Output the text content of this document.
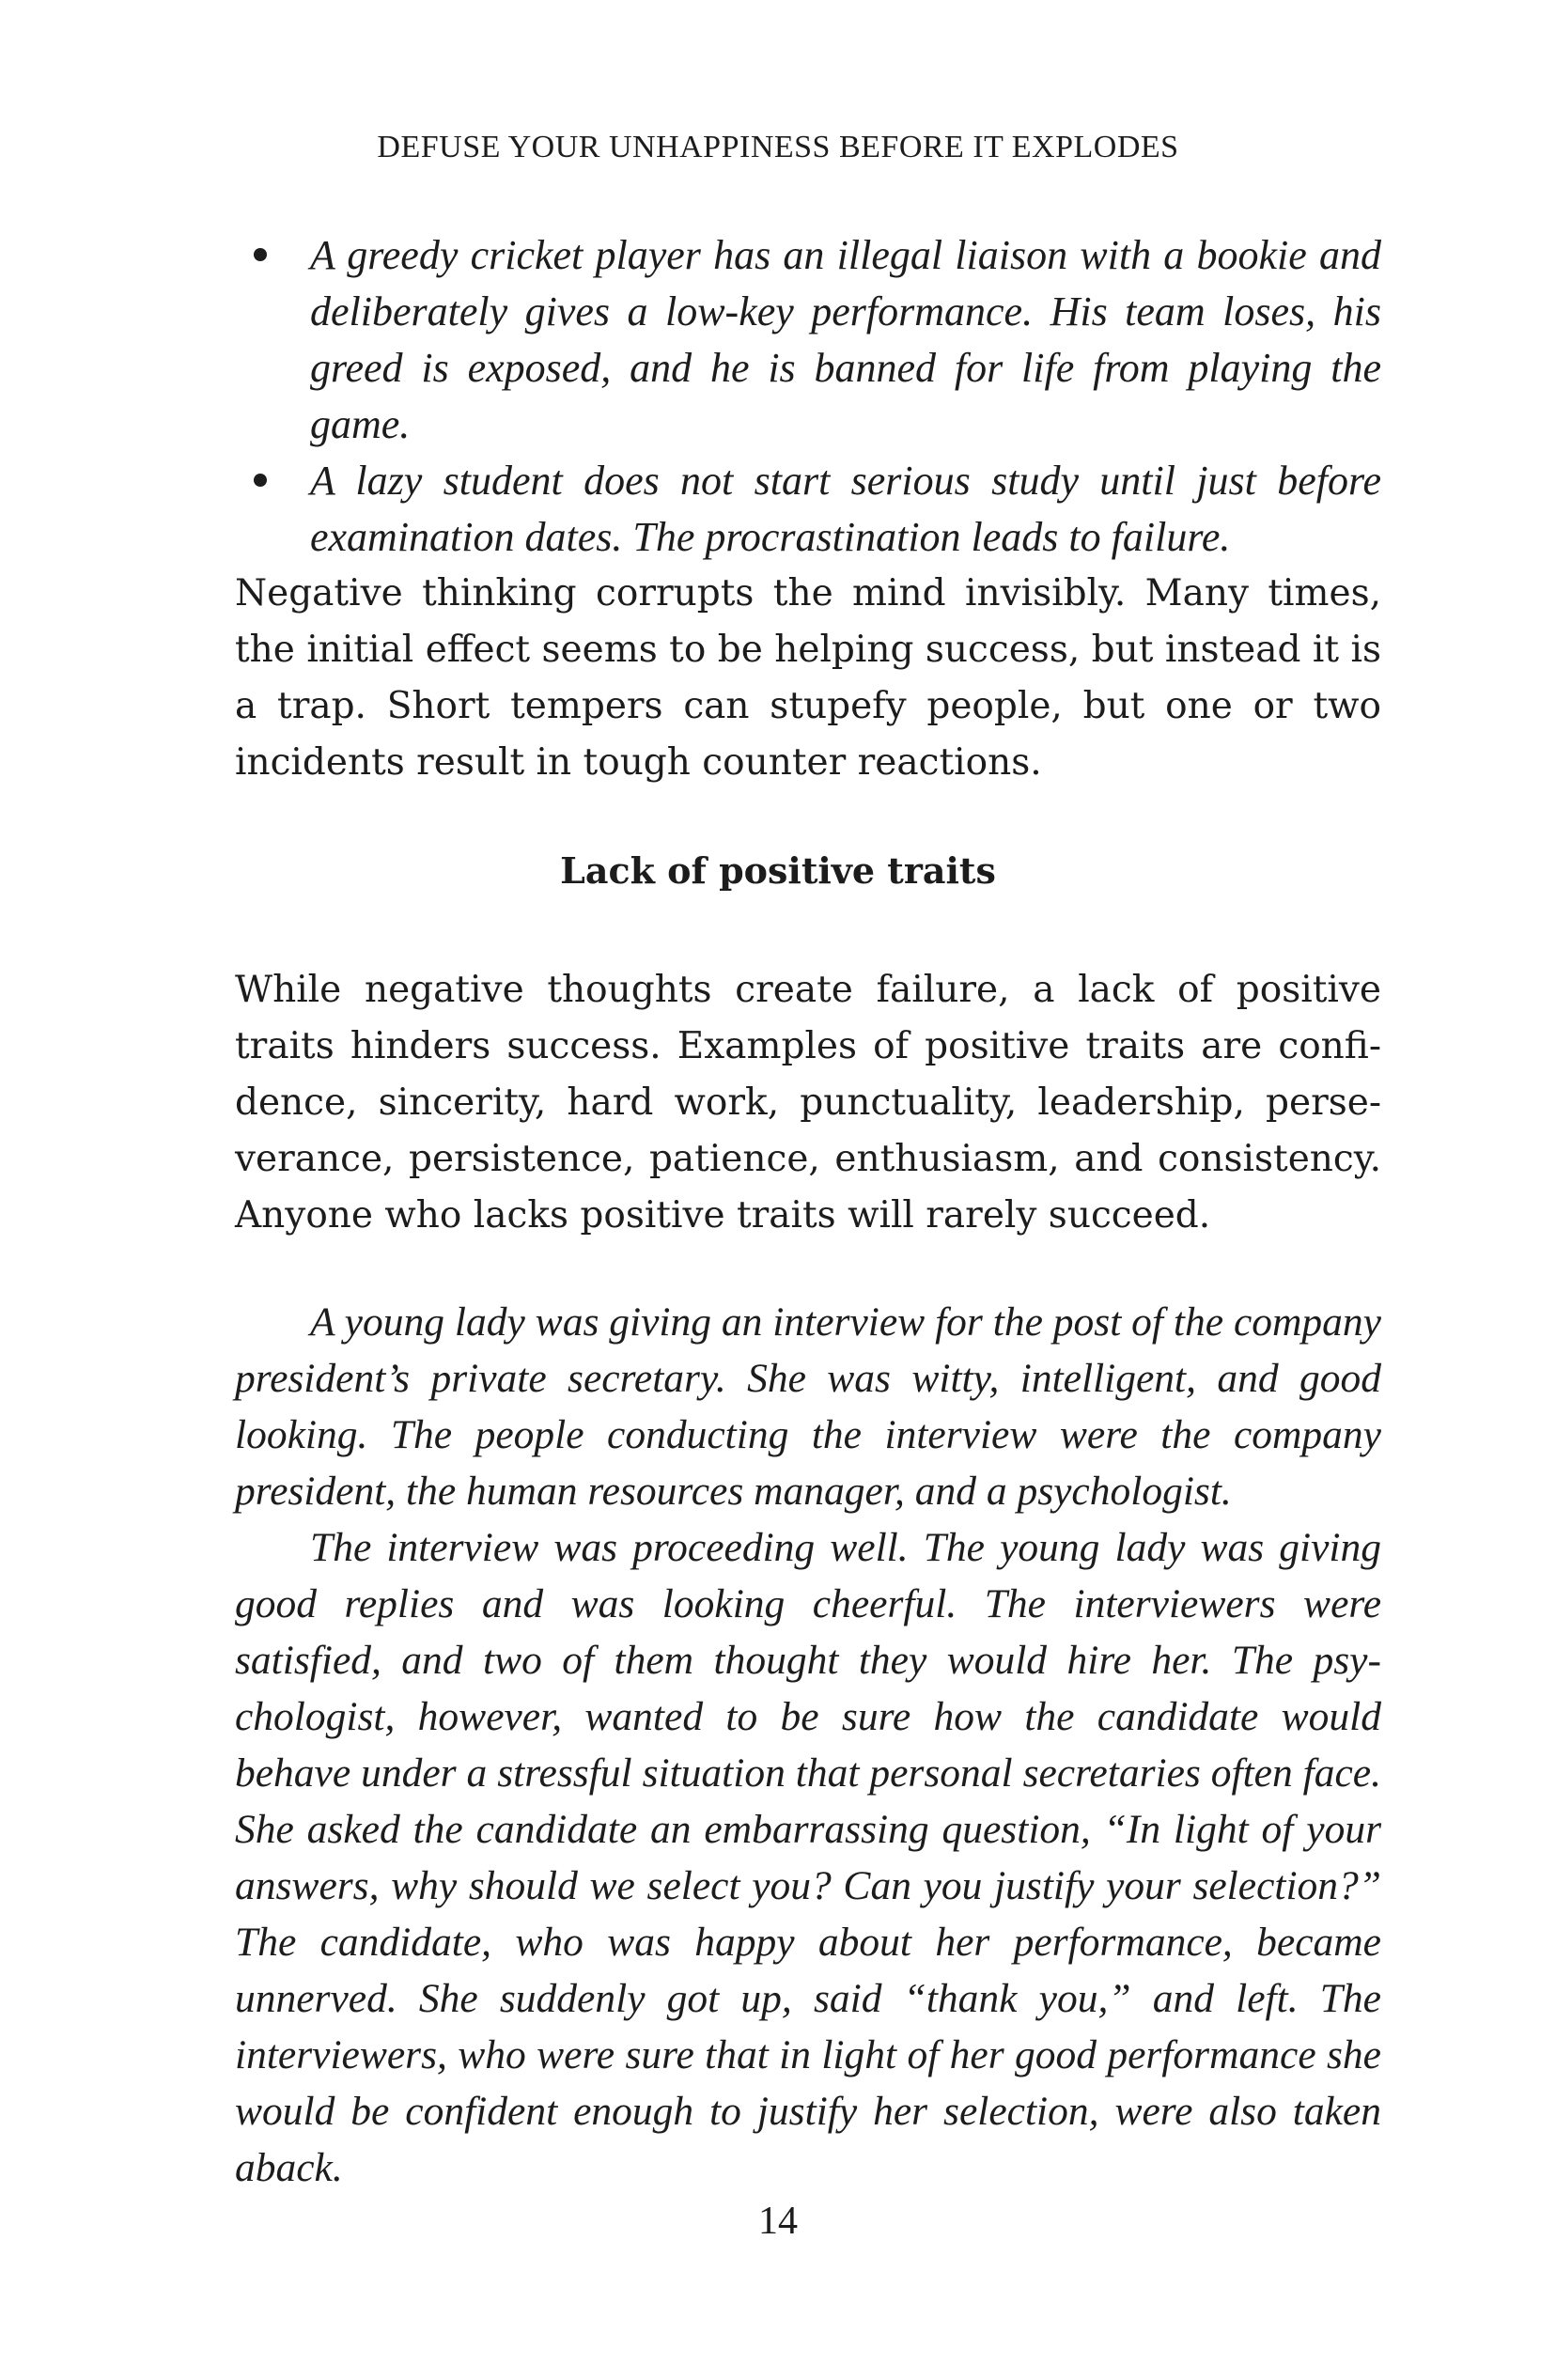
DEFUSE YOUR UNHAPPINESS BEFORE IT EXPLODES
A greedy cricket player has an illegal liaison with a bookie and deliberately gives a low-key performance. His team loses, his greed is exposed, and he is banned for life from playing the game.
A lazy student does not start serious study until just before examination dates. The procrastination leads to failure.

Negative thinking corrupts the mind invisibly. Many times, the initial effect seems to be helping success, but instead it is a trap. Short tempers can stupefy people, but one or two incidents result in tough counter reactions.

Lack of positive traits

While negative thoughts create failure, a lack of positive traits hinders success. Examples of positive traits are confidence, sincerity, hard work, punctuality, leadership, perseverance, persistence, patience, enthusiasm, and consistency. Anyone who lacks positive traits will rarely succeed.

A young lady was giving an interview for the post of the company president’s private secretary. She was witty, intelligent, and good looking. The people conducting the interview were the company president, the human resources manager, and a psychologist.

The interview was proceeding well. The young lady was giving good replies and was looking cheerful. The interviewers were satisfied, and two of them thought they would hire her. The psychologist, however, wanted to be sure how the candidate would behave under a stressful situation that personal secretaries often face. She asked the candidate an embarrassing question, “In light of your answers, why should we select you? Can you justify your selection?” The candidate, who was happy about her performance, became unnerved. She suddenly got up, said “thank you,” and left. The interviewers, who were sure that in light of her good performance she would be confident enough to justify her selection, were also taken aback.

14
